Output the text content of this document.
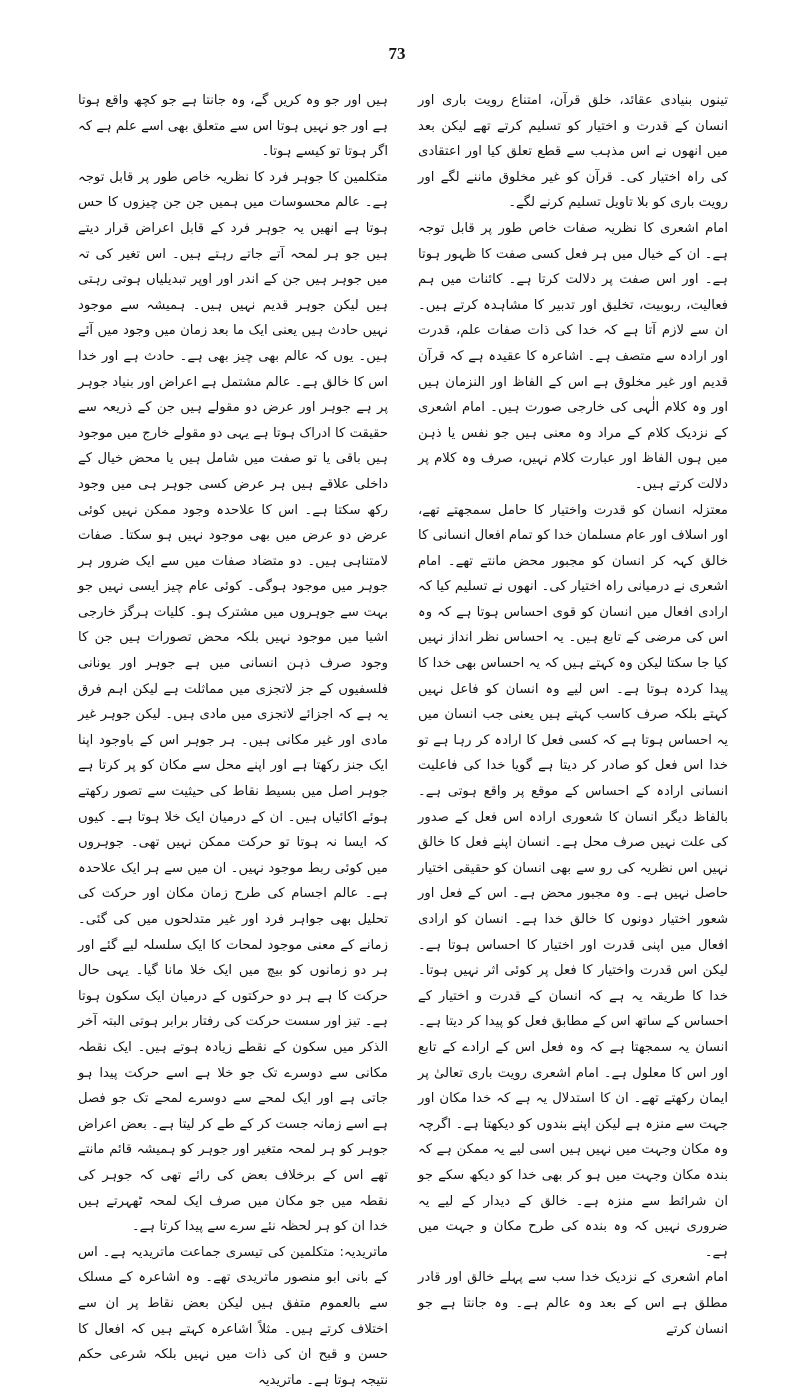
73

تینوں بنیادی عقائد، خلق قرآن، امتناع رویت باری اور انسان کے قدرت و اختیار کو تسلیم کرتے تھے لیکن بعد میں انھوں نے اس مذہب سے قطع تعلق کیا اور اعتقادی کی راہ اختیار کی۔ قرآن کو غیر مخلوق ماننے لگے اور رویت باری کو بلا تاویل تسلیم کرنے لگے۔

امام اشعری کا نظریہ صفات خاص طور پر قابل توجہ ہے۔ ان کے خیال میں ہر فعل کسی صفت کا ظہور ہوتا ہے۔ اور اس صفت پر دلالت کرتا ہے۔ کائنات میں ہم فعالیت، ربوبیت، تخلیق اور تدبیر کا مشاہدہ کرتے ہیں۔ ان سے لازم آتا ہے کہ خدا کی ذات صفات علم، قدرت اور ارادہ سے متصف ہے۔ اشاعرہ کا عقیدہ ہے کہ قرآن قدیم اور غیر مخلوق ہے اس کے الفاظ اور النزمان ہیں اور وہ کلام الٰہی کی خارجی صورت ہیں۔ امام اشعری کے نزدیک کلام کے مراد وہ معنی ہیں جو نفس یا ذہن میں ہوں الفاظ اور عبارت کلام نہیں، صرف وہ کلام پر دلالت کرتے ہیں۔

معتزلہ انسان کو قدرت واختیار کا حامل سمجھتے تھے، اور اسلاف اور عام مسلمان خدا کو تمام افعال انسانی کا خالق کہہ کر انسان کو مجبور محض مانتے تھے۔ امام اشعری نے درمیانی راہ اختیار کی۔ انھوں نے تسلیم کیا کہ ارادی افعال میں انسان کو قوی احساس ہوتا ہے کہ وہ اس کی مرضی کے تابع ہیں۔ یہ احساس نظر انداز نہیں کیا جا سکتا لیکن وہ کہتے ہیں کہ یہ احساس بھی خدا کا پیدا کردہ ہوتا ہے۔ اس لیے وہ انسان کو فاعل نہیں کہتے بلکہ صرف کاسب کہتے ہیں یعنی جب انسان میں یہ احساس ہوتا ہے کہ کسی فعل کا ارادہ کر رہا ہے تو خدا اس فعل کو صادر کر دیتا ہے گویا خدا کی فاعلیت انسانی ارادہ کے احساس کے موقع پر واقع ہوتی ہے۔ بالفاظ دیگر انسان کا شعوری ارادہ اس فعل کے صدور کی علت نہیں صرف محل ہے۔ انسان اپنے فعل کا خالق نہیں اس نظریہ کی رو سے بھی انسان کو حقیقی اختیار حاصل نہیں ہے۔ وہ مجبور محض ہے۔ اس کے فعل اور شعور اختیار دونوں کا خالق خدا ہے۔ انسان کو ارادی افعال میں اپنی قدرت اور اختیار کا احساس ہوتا ہے۔ لیکن اس قدرت واختیار کا فعل پر کوئی اثر نہیں ہوتا۔ خدا کا طریقہ یہ ہے کہ انسان کے قدرت و اختیار کے احساس کے ساتھ اس کے مطابق فعل کو پیدا کر دیتا ہے۔ انسان یہ سمجھتا ہے کہ وہ فعل اس کے ارادے کے تابع اور اس کا معلول ہے۔ امام اشعری رویت باری تعالیٰ پر ایمان رکھتے تھے۔ ان کا استدلال یہ ہے کہ خدا مکان اور جہت سے منزہ ہے لیکن اپنے بندوں کو دیکھتا ہے۔ اگرچہ وہ مکان وجہت میں نہیں ہیں اسی لیے یہ ممکن ہے کہ بندہ مکان وجہت میں ہو کر بھی خدا کو دیکھ سکے جو ان شرائط سے منزہ ہے۔ خالق کے دیدار کے لیے یہ ضروری نہیں کہ وہ بندہ کی طرح مکان و جہت میں ہے۔

امام اشعری کے نزدیک خدا سب سے پہلے خالق اور قادر مطلق ہے اس کے بعد وہ عالم ہے۔ وہ جانتا ہے جو انسان کرتے

ہیں اور جو وہ کریں گے، وہ جانتا ہے جو کچھ واقع ہوتا ہے اور جو نہیں ہوتا اس سے متعلق بھی اسے علم ہے کہ اگر ہوتا تو کیسے ہوتا۔

متکلمین کا جوہر فرد کا نظریہ خاص طور پر قابل توجہ ہے۔ عالم محسوسات میں ہمیں جن جن چیزوں کا حس ہوتا ہے انھیں یہ جوہر فرد کے قابل اعراض قرار دیتے ہیں جو ہر لمحہ آتے جاتے رہتے ہیں۔ اس تغیر کی تہ میں جوہر ہیں جن کے اندر اور اوپر تبدیلیاں ہوتی رہتی ہیں لیکن جوہر قدیم نہیں ہیں۔ ہمیشہ سے موجود نہیں حادث ہیں یعنی ایک ما بعد زمان میں وجود میں آئے ہیں۔ یوں کہ عالم بھی چیز بھی ہے۔ حادث ہے اور خدا اس کا خالق ہے۔ عالم مشتمل ہے اعراض اور بنیاد جوہر پر ہے جوہر اور عرض دو مقولے ہیں جن کے ذریعہ سے حقیقت کا ادراک ہوتا ہے یہی دو مقولے خارج میں موجود ہیں باقی یا تو صفت میں شامل ہیں یا محض خیال کے داخلی علاقے ہیں ہر عرض کسی جوہر ہی میں وجود رکھ سکتا ہے۔ اس کا علاحدہ وجود ممکن نہیں کوئی عرض دو عرض میں بھی موجود نہیں ہو سکتا۔ صفات لامتناہی ہیں۔ دو متضاد صفات میں سے ایک ضرور ہر جوہر میں موجود ہوگی۔ کوئی عام چیز ایسی نہیں جو بہت سے جوہروں میں مشترک ہو۔ کلیات ہرگز خارجی اشیا میں موجود نہیں بلکہ محض تصورات ہیں جن کا وجود صرف ذہن انسانی میں ہے جوہر اور یونانی فلسفیوں کے جز لاتجزی میں مماثلت ہے لیکن اہم فرق یہ ہے کہ اجزائے لاتجزی میں مادی ہیں۔ لیکن جوہر غیر مادی اور غیر مکانی ہیں۔ ہر جوہر اس کے باوجود اپنا ایک جنز رکھتا ہے اور اپنے محل سے مکان کو پر کرتا ہے جوہر اصل میں بسیط نقاط کی حیثیت سے تصور رکھتے ہوئے اکائیاں ہیں۔ ان کے درمیان ایک خلا ہوتا ہے۔ کیوں کہ ایسا نہ ہوتا تو حرکت ممکن نہیں تھی۔ جوہروں میں کوئی ربط موجود نہیں۔ ان میں سے ہر ایک علاحدہ ہے۔ عالم اجسام کی طرح زمان مکان اور حرکت کی تحلیل بھی جواہر فرد اور غیر متدلحوں میں کی گئی۔ زمانے کے معنی موجود لمحات کا ایک سلسلہ لیے گئے اور ہر دو زمانوں کو بیچ میں ایک خلا مانا گیا۔ یہی حال حرکت کا ہے ہر دو حرکتوں کے درمیان ایک سکون ہوتا ہے۔ تیز اور سست حرکت کی رفتار برابر ہوتی البتہ آخر الذکر میں سکون کے نقطے زیادہ ہوتے ہیں۔ ایک نقطہ مکانی سے دوسرے تک جو خلا ہے اسے حرکت پیدا ہو جاتی ہے اور ایک لمحے سے دوسرے لمحے تک جو فصل ہے اسے زمانہ جست کر کے طے کر لیتا ہے۔ بعض اعراض جوہر کو ہر لمحہ متغیر اور جوہر کو ہمیشہ قائم مانتے تھے اس کے برخلاف بعض کی رائے تھی کہ جوہر کی نقطہ میں جو مکان میں صرف ایک لمحہ ٹھہرتے ہیں خدا ان کو ہر لحظہ نئے سرے سے پیدا کرتا ہے۔

ماتریدیہ: متکلمین کی تیسری جماعت ماتریدیہ ہے۔ اس کے بانی ابو منصور ماتریدی تھے۔ وہ اشاعرہ کے مسلک سے بالعموم متفق ہیں لیکن بعض نقاط پر ان سے اختلاف کرتے ہیں۔ مثلاً اشاعرہ کہتے ہیں کہ افعال کا حسن و قبح ان کی ذات میں نہیں بلکہ شرعی حکم نتیجہ ہوتا ہے۔ ماتریدیہ
